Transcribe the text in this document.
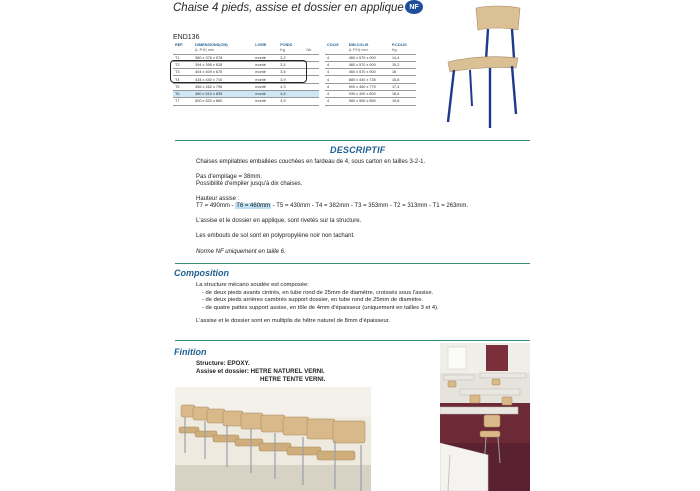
Chaise 4 pieds, assise et dossier en applique NF
END136
REF.	DIMENSIONS(CM)	LIVRE	POIDS	
	(L.P.H) mm		Kg	Nb
T1	380 x 376 x 578	monté	3,2	
T2	394 x 395 x 628	monté	3,4	
T3	404 x 409 x 675	monté	3,6	
T4	434 x 440 x 710	monté	3,9	
T5	456 x 462 x 796	monté	4,3	
T6	480 x 510 x 835	monté	4,6	
T7	500 x 520 x 860	monté	4,9	
COLIS	DIM.COLIS	P.COLIS
	(L.P.H) mm	Kg
4	460 x 570 x 900	14,4
4	460 x 570 x 900	15,2
4	460 x 570 x 900	16
4	880 x 440 x 735	15,8
4	900 x 460 x 775	17,4
4	930 x 490 x 800	18,6
4	980 x 550 x 850	19,8
DESCRIPTIF
Chaises empilables emballées couchées en fardeau de 4, sous carton en tailles 3-2-1.
Pas d'empilage = 38mm.
Possibilité d'empiler jusqu'à dix chaises.
Hauteur assise :
T7 = 490mm - T6 = 460mm - T5 = 430mm - T4 = 382mm - T3 = 353mm - T2 = 313mm - T1 = 263mm.
L'assise et le dossier en applique, sont rivetés sur la structure.
Les embouts de sol sont en polypropylène noir non tachant.
Norme NF uniquement en taille 6.
Composition
La structure mécano soudée est composée:
- de deux pieds avants cintrés, en tube rond de 25mm de diamètre, croissés sous l'assise.
- de deux pieds arrières cambrés support dossier, en tube rond de 25mm de diamètre.
- de quatre pattes support assise, en tôle de 4mm d'épaisseur (uniquement en tailles 3 et 4).
L'assise et le dossier sont en multiplis de hêtre naturel de 8mm d'épaisseur.
Finition
Structure: EPOXY.
Assise et dossier: HETRE NATUREL VERNI.
HETRE TENTE VERNI.
